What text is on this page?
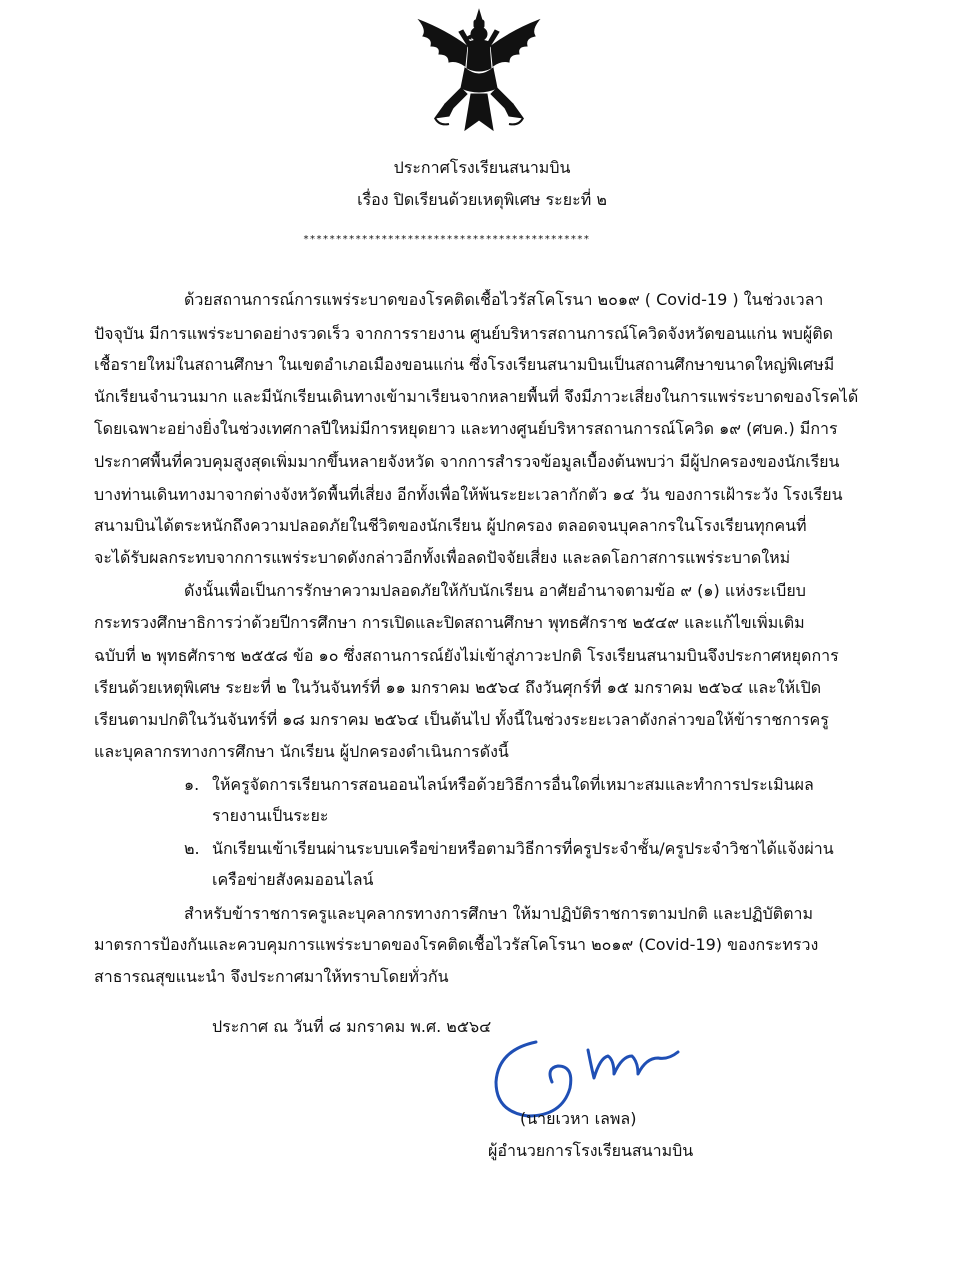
ประกาศโรงเรียนสนามบิน
เรื่อง ปิดเรียนด้วยเหตุพิเศษ ระยะที่ ๒
********************************************
ด้วยสถานการณ์การแพร่ระบาดของโรคติดเชื้อไวรัสโคโรนา ๒๐๑๙ ( Covid-19 ) ในช่วงเวลา
ปัจจุบัน มีการแพร่ระบาดอย่างรวดเร็ว จากการรายงาน ศูนย์บริหารสถานการณ์โควิดจังหวัดขอนแก่น พบผู้ติด
เชื้อรายใหม่ในสถานศึกษา ในเขตอำเภอเมืองขอนแก่น ซึ่งโรงเรียนสนามบินเป็นสถานศึกษาขนาดใหญ่พิเศษมี
นักเรียนจำนวนมาก และมีนักเรียนเดินทางเข้ามาเรียนจากหลายพื้นที่ จึงมีภาวะเสี่ยงในการแพร่ระบาดของโรคได้
โดยเฉพาะอย่างยิ่งในช่วงเทศกาลปีใหม่มีการหยุดยาว และทางศูนย์บริหารสถานการณ์โควิด ๑๙ (ศบค.) มีการ
ประกาศพื้นที่ควบคุมสูงสุดเพิ่มมากขึ้นหลายจังหวัด จากการสำรวจข้อมูลเบื้องต้นพบว่า มีผู้ปกครองของนักเรียน
บางท่านเดินทางมาจากต่างจังหวัดพื้นที่เสี่ยง อีกทั้งเพื่อให้พ้นระยะเวลากักตัว ๑๔ วัน ของการเฝ้าระวัง โรงเรียน
สนามบินได้ตระหนักถึงความปลอดภัยในชีวิตของนักเรียน ผู้ปกครอง ตลอดจนบุคลากรในโรงเรียนทุกคนที่
จะได้รับผลกระทบจากการแพร่ระบาดดังกล่าวอีกทั้งเพื่อลดปัจจัยเสี่ยง และลดโอกาสการแพร่ระบาดใหม่
ดังนั้นเพื่อเป็นการรักษาความปลอดภัยให้กับนักเรียน อาศัยอำนาจตามข้อ ๙ (๑) แห่งระเบียบ
กระทรวงศึกษาธิการว่าด้วยปีการศึกษา การเปิดและปิดสถานศึกษา พุทธศักราช ๒๕๔๙ และแก้ไขเพิ่มเติม
ฉบับที่ ๒ พุทธศักราช ๒๕๕๘ ข้อ ๑๐ ซึ่งสถานการณ์ยังไม่เข้าสู่ภาวะปกติ โรงเรียนสนามบินจึงประกาศหยุดการ
เรียนด้วยเหตุพิเศษ ระยะที่ ๒ ในวันจันทร์ที่ ๑๑ มกราคม ๒๕๖๔ ถึงวันศุกร์ที่ ๑๕ มกราคม ๒๕๖๔ และให้เปิด
เรียนตามปกติในวันจันทร์ที่ ๑๘ มกราคม ๒๕๖๔ เป็นต้นไป ทั้งนี้ในช่วงระยะเวลาดังกล่าวขอให้ข้าราชการครู
และบุคลากรทางการศึกษา นักเรียน ผู้ปกครองดำเนินการดังนี้
๑. ให้ครูจัดการเรียนการสอนออนไลน์หรือด้วยวิธีการอื่นใดที่เหมาะสมและทำการประเมินผล
รายงานเป็นระยะ
๒. นักเรียนเข้าเรียนผ่านระบบเครือข่ายหรือตามวิธีการที่ครูประจำชั้น/ครูประจำวิชาได้แจ้งผ่าน
เครือข่ายสังคมออนไลน์
สำหรับข้าราชการครูและบุคลากรทางการศึกษา ให้มาปฏิบัติราชการตามปกติ และปฏิบัติตาม
มาตรการป้องกันและควบคุมการแพร่ระบาดของโรคติดเชื้อไวรัสโคโรนา ๒๐๑๙ (Covid-19) ของกระทรวง
สาธารณสุขแนะนำ จึงประกาศมาให้ทราบโดยทั่วกัน
ประกาศ ณ วันที่ ๘ มกราคม พ.ศ. ๒๕๖๔
(นายเวหา เลพล)
ผู้อำนวยการโรงเรียนสนามบิน
